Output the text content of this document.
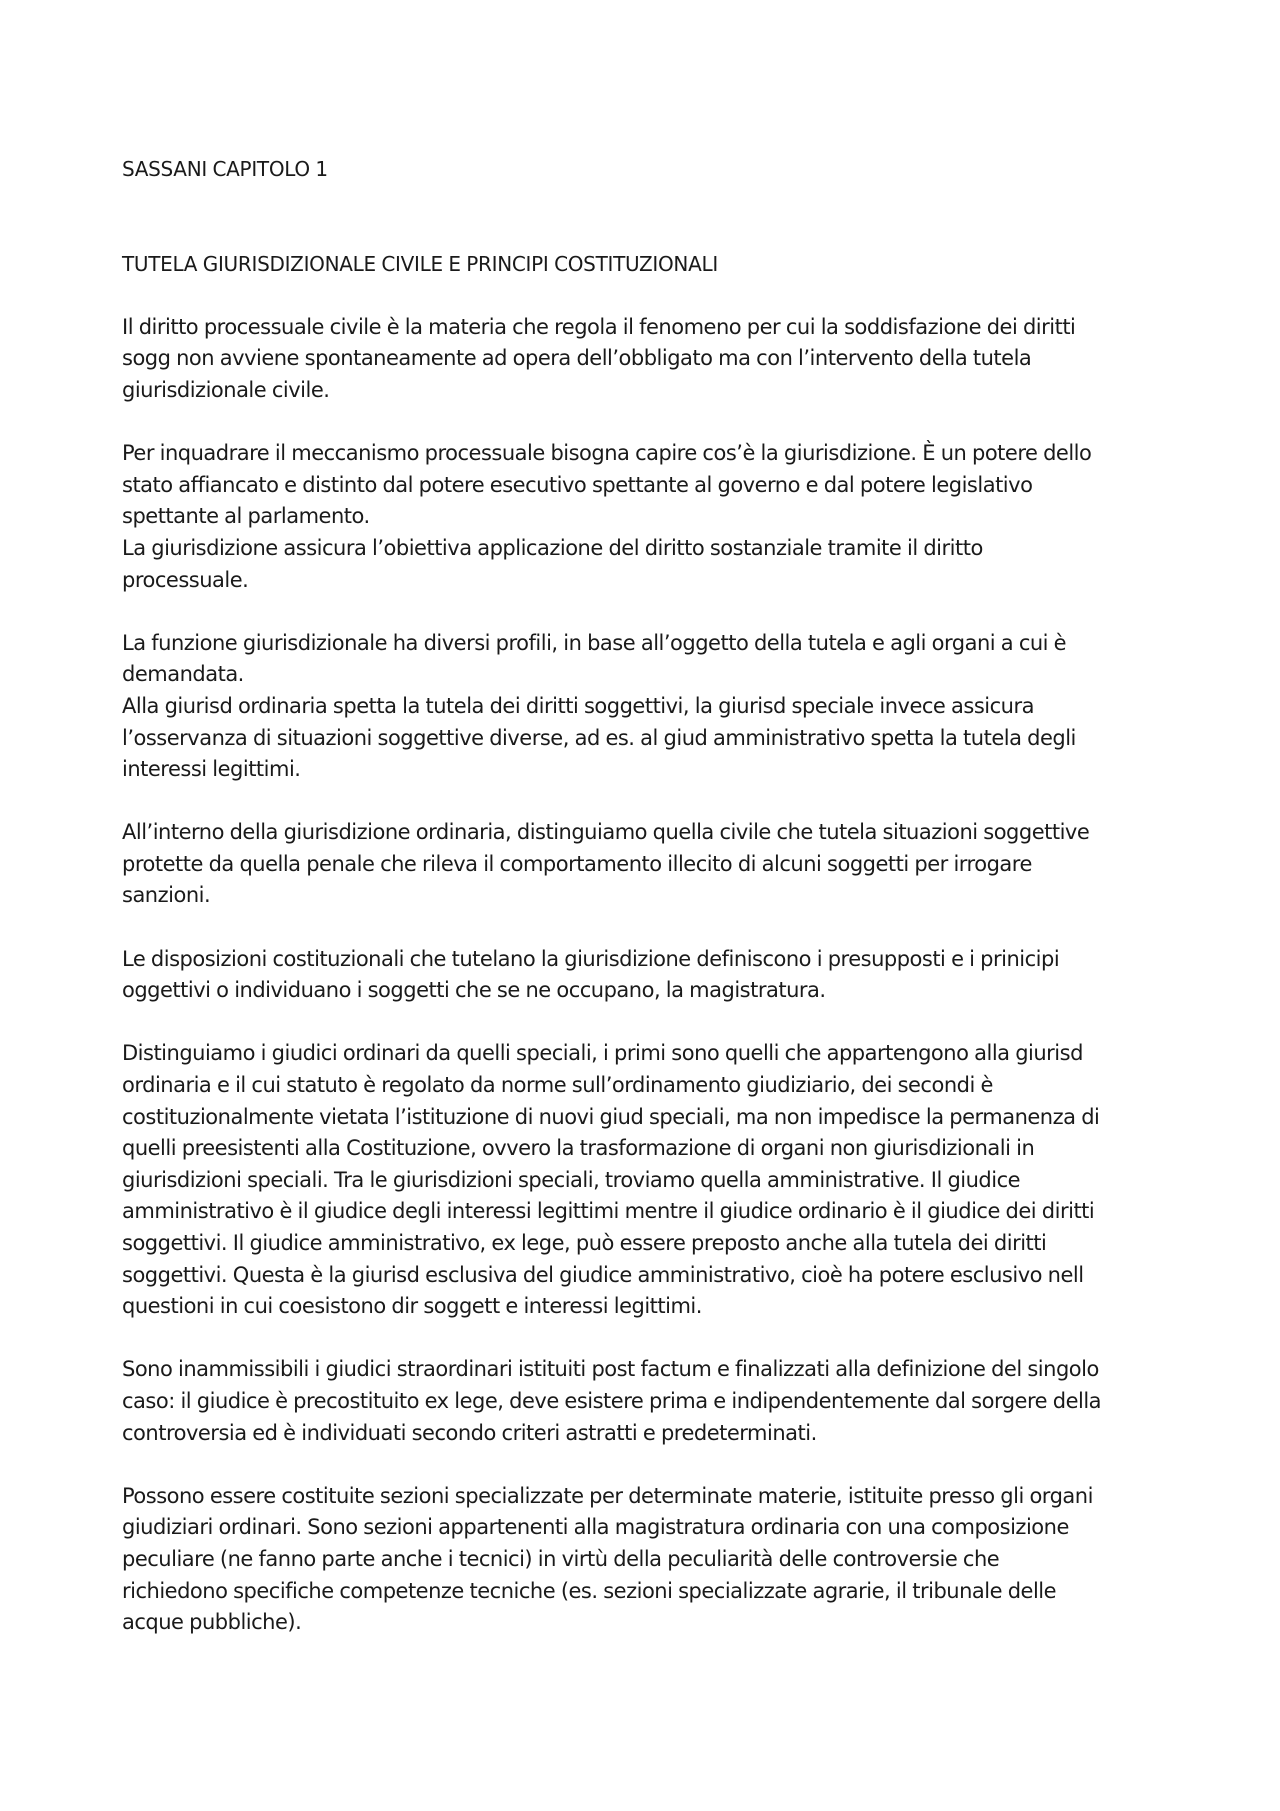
SASSANI CAPITOLO 1

TUTELA GIURISDIZIONALE CIVILE E PRINCIPI COSTITUZIONALI

Il diritto processuale civile è la materia che regola il fenomeno per cui la soddisfazione dei diritti
sogg non avviene spontaneamente ad opera dell’obbligato ma con l’intervento della tutela
giurisdizionale civile.

Per inquadrare il meccanismo processuale bisogna capire cos’è la giurisdizione. È un potere dello
stato affiancato e distinto dal potere esecutivo spettante al governo e dal potere legislativo
spettante al parlamento.
La giurisdizione assicura l’obiettiva applicazione del diritto sostanziale tramite il diritto
processuale.

La funzione giurisdizionale ha diversi profili, in base all’oggetto della tutela e agli organi a cui è
demandata.
Alla giurisd ordinaria spetta la tutela dei diritti soggettivi, la giurisd speciale invece assicura
l’osservanza di situazioni soggettive diverse, ad es. al giud amministrativo spetta la tutela degli
interessi legittimi.

All’interno della giurisdizione ordinaria, distinguiamo quella civile che tutela situazioni soggettive
protette da quella penale che rileva il comportamento illecito di alcuni soggetti per irrogare
sanzioni.

Le disposizioni costituzionali che tutelano la giurisdizione definiscono i presupposti e i prinicipi
oggettivi o individuano i soggetti che se ne occupano, la magistratura.

Distinguiamo i giudici ordinari da quelli speciali, i primi sono quelli che appartengono alla giurisd
ordinaria e il cui statuto è regolato da norme sull’ordinamento giudiziario, dei secondi è
costituzionalmente vietata l’istituzione di nuovi giud speciali, ma non impedisce la permanenza di
quelli preesistenti alla Costituzione, ovvero la trasformazione di organi non giurisdizionali in
giurisdizioni speciali. Tra le giurisdizioni speciali, troviamo quella amministrative. Il giudice
amministrativo è il giudice degli interessi legittimi mentre il giudice ordinario è il giudice dei diritti
soggettivi. Il giudice amministrativo, ex lege, può essere preposto anche alla tutela dei diritti
soggettivi. Questa è la giurisd esclusiva del giudice amministrativo, cioè ha potere esclusivo nell
questioni in cui coesistono dir soggett e interessi legittimi.

Sono inammissibili i giudici straordinari istituiti post factum e finalizzati alla definizione del singolo
caso: il giudice è precostituito ex lege, deve esistere prima e indipendentemente dal sorgere della
controversia ed è individuati secondo criteri astratti e predeterminati.

Possono essere costituite sezioni specializzate per determinate materie, istituite presso gli organi
giudiziari ordinari. Sono sezioni appartenenti alla magistratura ordinaria con una composizione
peculiare (ne fanno parte anche i tecnici) in virtù della peculiarità delle controversie che
richiedono specifiche competenze tecniche (es. sezioni specializzate agrarie, il tribunale delle
acque pubbliche).
